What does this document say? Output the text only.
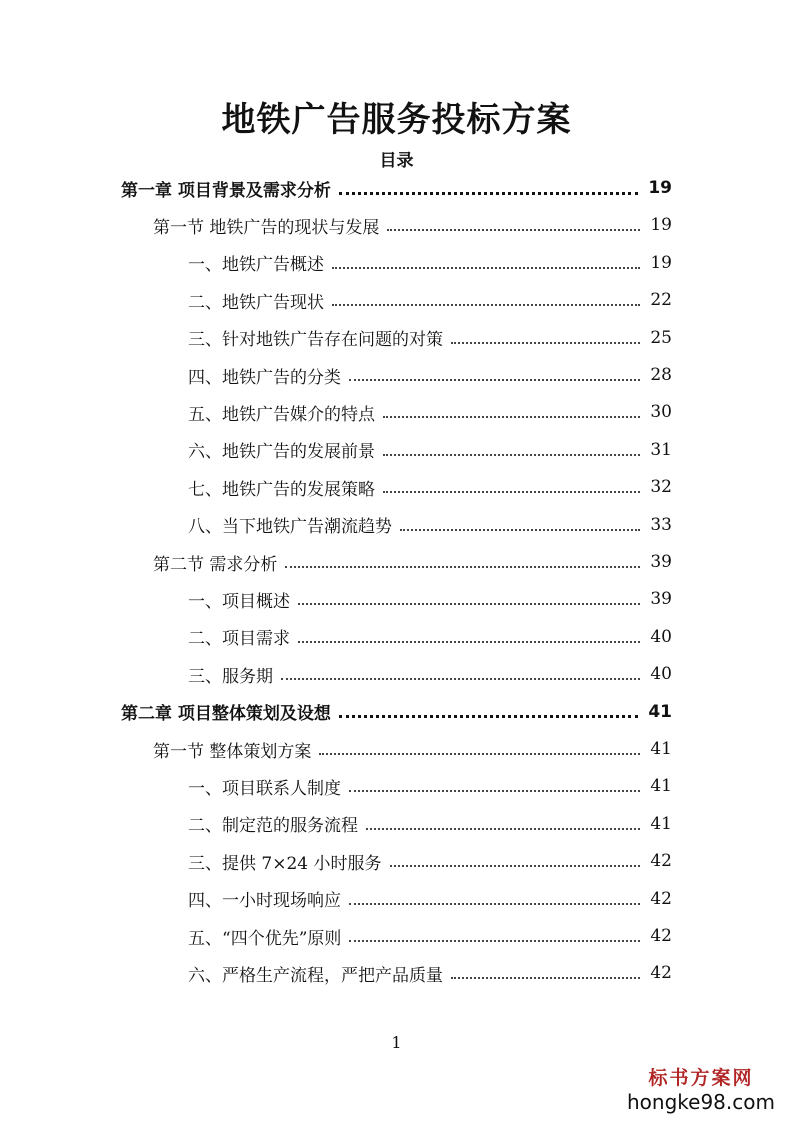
地铁广告服务投标方案
目录
第一章 项目背景及需求分析	19
第一节 地铁广告的现状与发展	19
一、地铁广告概述	19
二、地铁广告现状	22
三、针对地铁广告存在问题的对策	25
四、地铁广告的分类	28
五、地铁广告媒介的特点	30
六、地铁广告的发展前景	31
七、地铁广告的发展策略	32
八、当下地铁广告潮流趋势	33
第二节 需求分析	39
一、项目概述	39
二、项目需求	40
三、服务期	40
第二章 项目整体策划及设想	41
第一节 整体策划方案	41
一、项目联系人制度	41
二、制定范的服务流程	41
三、提供 7×24 小时服务	42
四、一小时现场响应	42
五、“四个优先”原则	42
六、严格生产流程，严把产品质量	42
1
标书方案网
hongke98.com
